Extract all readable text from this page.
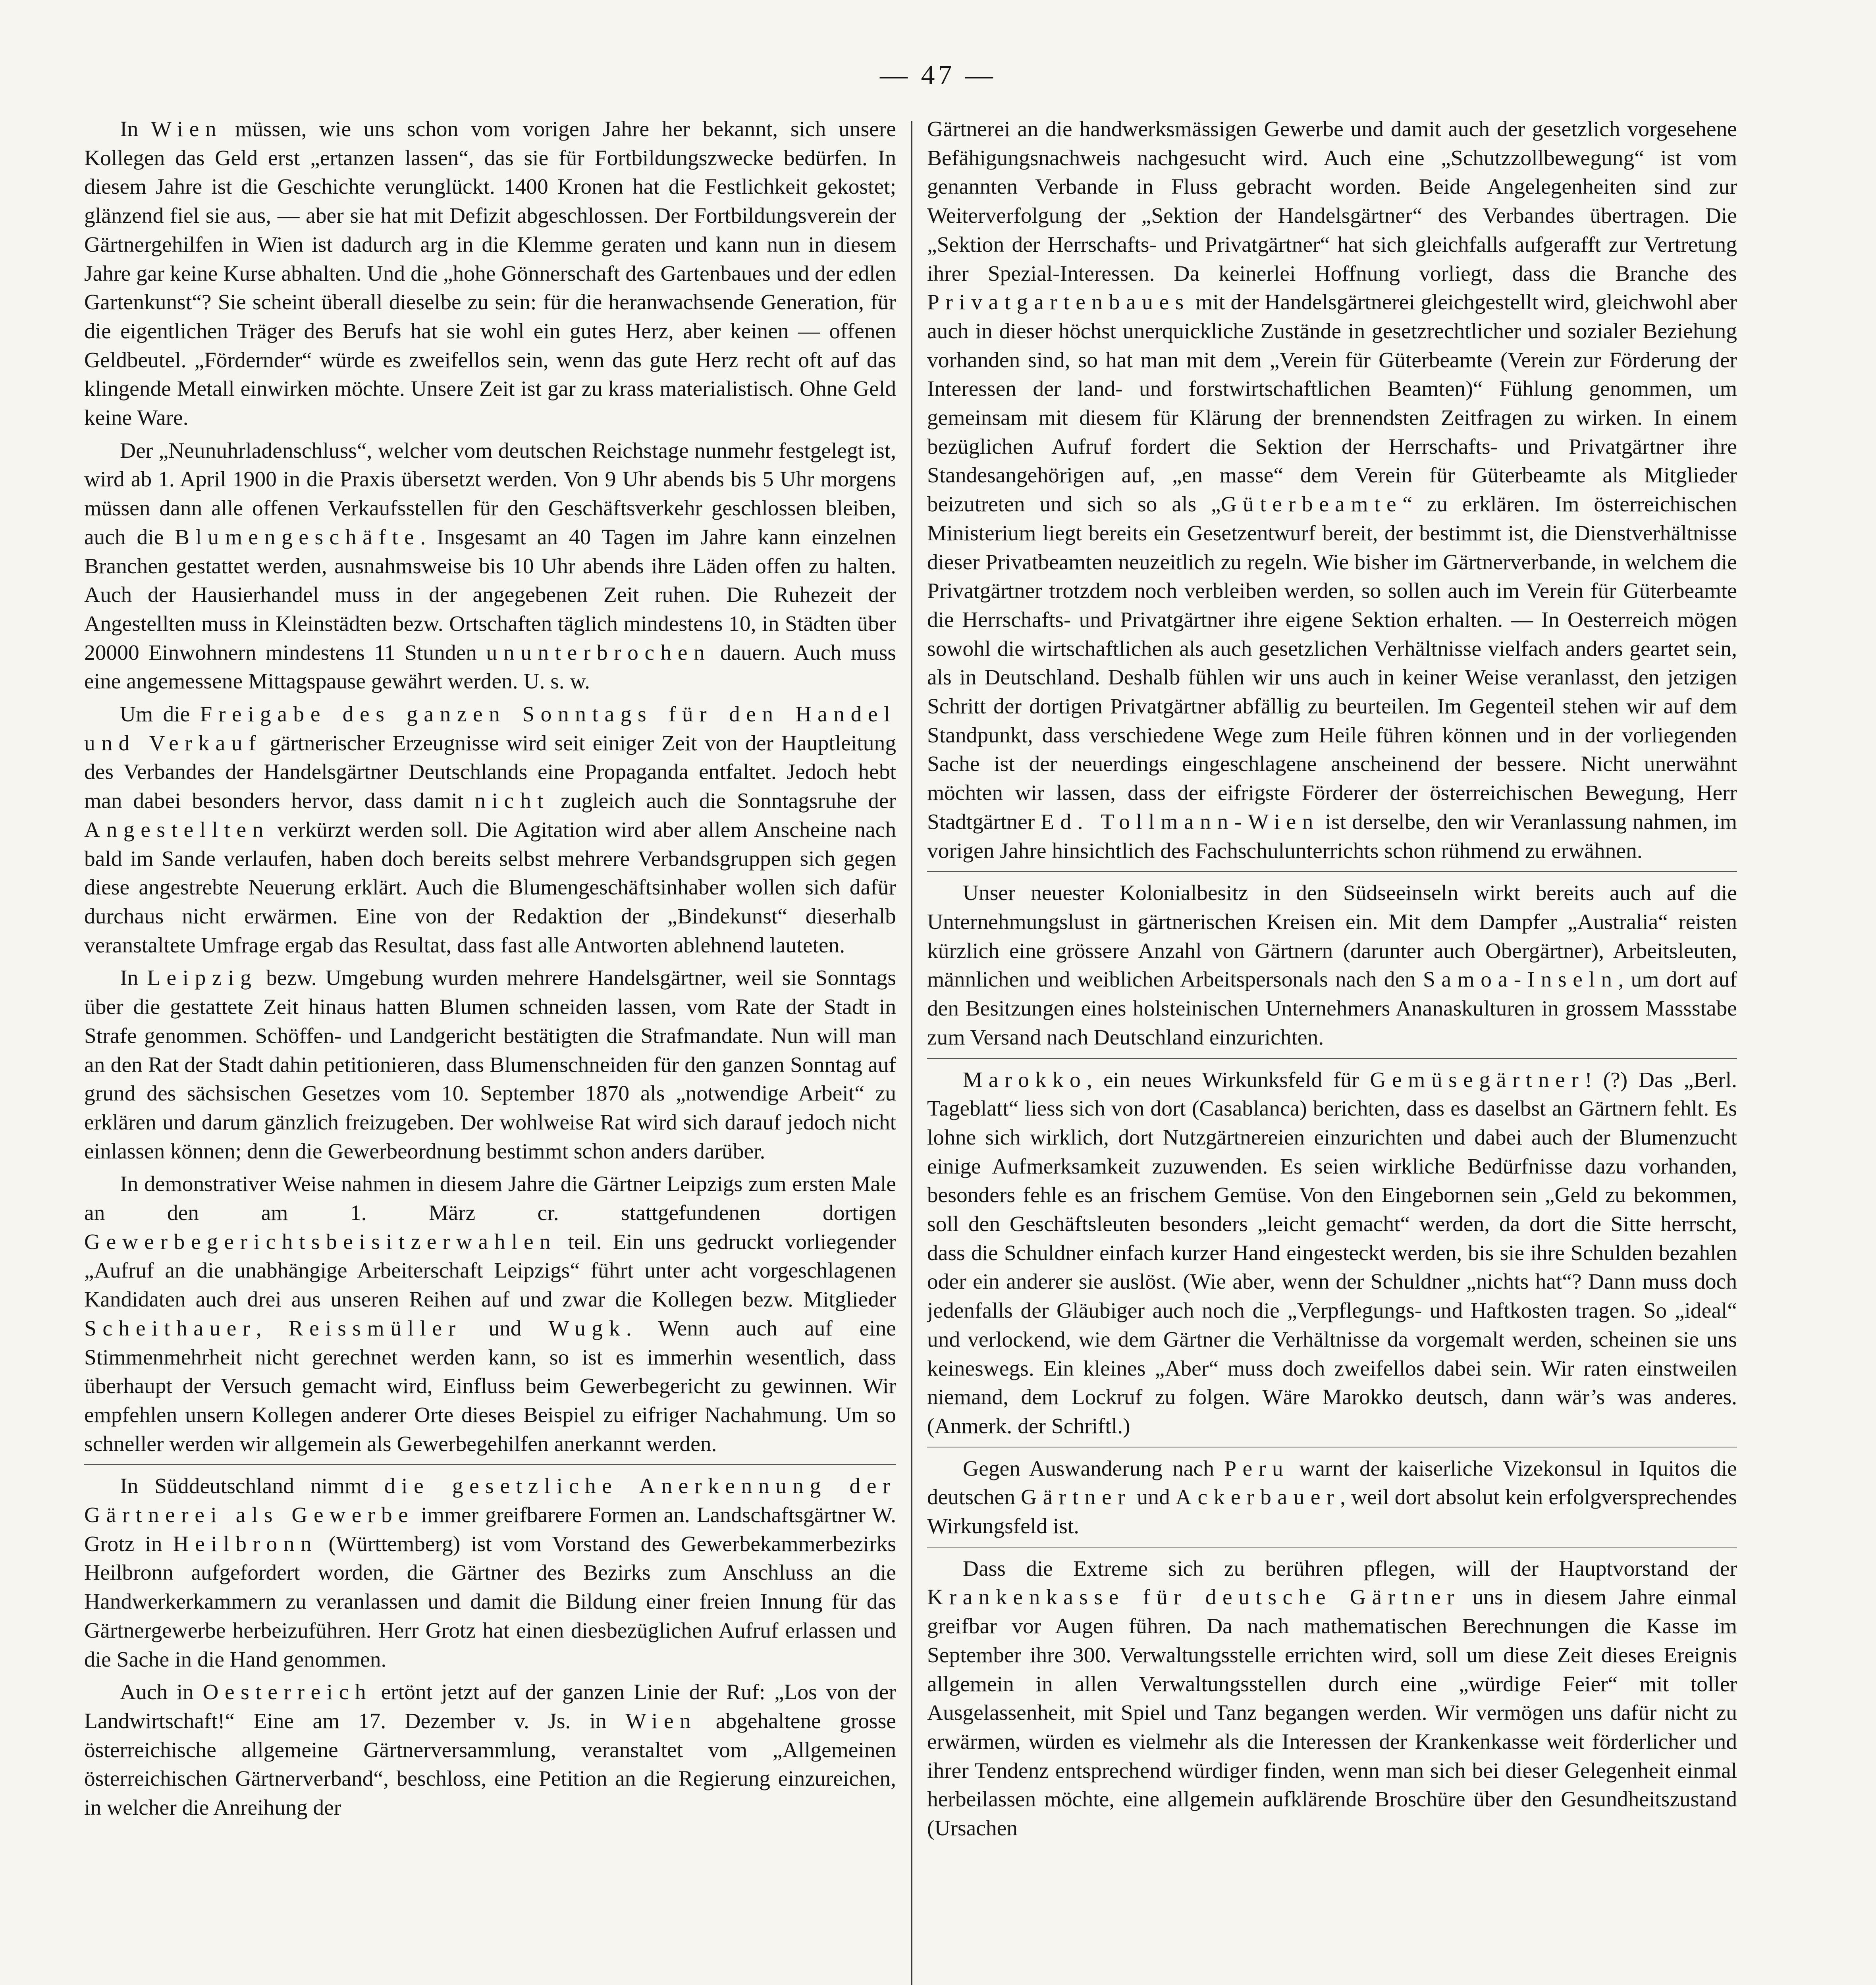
— 47 —

In Wien müssen, wie uns schon vom vorigen Jahre her bekannt, sich unsere Kollegen das Geld erst „ertanzen lassen“, das sie für Fortbildungszwecke bedürfen. In diesem Jahre ist die Geschichte verunglückt. 1400 Kronen hat die Festlichkeit gekostet; glänzend fiel sie aus, — aber sie hat mit Defizit abgeschlossen. Der Fortbildungsverein der Gärtnergehilfen in Wien ist dadurch arg in die Klemme geraten und kann nun in diesem Jahre gar keine Kurse abhalten. Und die „hohe Gönnerschaft des Gartenbaues und der edlen Gartenkunst“? Sie scheint überall dieselbe zu sein: für die heranwachsende Generation, für die eigentlichen Träger des Berufs hat sie wohl ein gutes Herz, aber keinen — offenen Geldbeutel. „Fördernder“ würde es zweifellos sein, wenn das gute Herz recht oft auf das klingende Metall einwirken möchte. Unsere Zeit ist gar zu krass materialistisch. Ohne Geld keine Ware.

Der „Neunuhrladenschluss“, welcher vom deutschen Reichstage nunmehr festgelegt ist, wird ab 1. April 1900 in die Praxis übersetzt werden. Von 9 Uhr abends bis 5 Uhr morgens müssen dann alle offenen Verkaufsstellen für den Geschäftsverkehr geschlossen bleiben, auch die Blumengeschäfte. Insgesamt an 40 Tagen im Jahre kann einzelnen Branchen gestattet werden, ausnahmsweise bis 10 Uhr abends ihre Läden offen zu halten. Auch der Hausierhandel muss in der angegebenen Zeit ruhen. Die Ruhezeit der Angestellten muss in Kleinstädten bezw. Ortschaften täglich mindestens 10, in Städten über 20000 Einwohnern mindestens 11 Stunden ununterbrochen dauern. Auch muss eine angemessene Mittagspause gewährt werden. U. s. w.

Um die Freigabe des ganzen Sonntags für den Handel und Verkauf gärtnerischer Erzeugnisse wird seit einiger Zeit von der Hauptleitung des Verbandes der Handelsgärtner Deutschlands eine Propaganda entfaltet. Jedoch hebt man dabei besonders hervor, dass damit nicht zugleich auch die Sonntagsruhe der Angestellten verkürzt werden soll. Die Agitation wird aber allem Anscheine nach bald im Sande verlaufen, haben doch bereits selbst mehrere Verbandsgruppen sich gegen diese angestrebte Neuerung erklärt. Auch die Blumengeschäftsinhaber wollen sich dafür durchaus nicht erwärmen. Eine von der Redaktion der „Bindekunst“ dieserhalb veranstaltete Umfrage ergab das Resultat, dass fast alle Antworten ablehnend lauteten.

In Leipzig bezw. Umgebung wurden mehrere Handelsgärtner, weil sie Sonntags über die gestattete Zeit hinaus hatten Blumen schneiden lassen, vom Rate der Stadt in Strafe genommen. Schöffen- und Landgericht bestätigten die Strafmandate. Nun will man an den Rat der Stadt dahin petitionieren, dass Blumenschneiden für den ganzen Sonntag auf grund des sächsischen Gesetzes vom 10. September 1870 als „notwendige Arbeit“ zu erklären und darum gänzlich freizugeben. Der wohlweise Rat wird sich darauf jedoch nicht einlassen können; denn die Gewerbeordnung bestimmt schon anders darüber.

In demonstrativer Weise nahmen in diesem Jahre die Gärtner Leipzigs zum ersten Male an den am 1. März cr. stattgefundenen dortigen Gewerbegerichtsbeisitzerwahlen teil. Ein uns gedruckt vorliegender „Aufruf an die unabhängige Arbeiterschaft Leipzigs“ führt unter acht vorgeschlagenen Kandidaten auch drei aus unseren Reihen auf und zwar die Kollegen bezw. Mitglieder Scheithauer, Reissmüller und Wugk. Wenn auch auf eine Stimmenmehrheit nicht gerechnet werden kann, so ist es immerhin wesentlich, dass überhaupt der Versuch gemacht wird, Einfluss beim Gewerbegericht zu gewinnen. Wir empfehlen unsern Kollegen anderer Orte dieses Beispiel zu eifriger Nachahmung. Um so schneller werden wir allgemein als Gewerbegehilfen anerkannt werden.

In Süddeutschland nimmt die gesetzliche Anerkennung der Gärtnerei als Gewerbe immer greifbarere Formen an. Landschaftsgärtner W. Grotz in Heilbronn (Württemberg) ist vom Vorstand des Gewerbekammerbezirks Heilbronn aufgefordert worden, die Gärtner des Bezirks zum Anschluss an die Handwerkerkammern zu veranlassen und damit die Bildung einer freien Innung für das Gärtnergewerbe herbeizuführen. Herr Grotz hat einen diesbezüglichen Aufruf erlassen und die Sache in die Hand genommen.

Auch in Oesterreich ertönt jetzt auf der ganzen Linie der Ruf: „Los von der Landwirtschaft!“ Eine am 17. Dezember v. Js. in Wien abgehaltene grosse österreichische allgemeine Gärtnerversammlung, veranstaltet vom „Allgemeinen österreichischen Gärtnerverband“, beschloss, eine Petition an die Regierung einzureichen, in welcher die Anreihung der

Gärtnerei an die handwerksmässigen Gewerbe und damit auch der gesetzlich vorgesehene Befähigungsnachweis nachgesucht wird. Auch eine „Schutzzollbewegung“ ist vom genannten Verbande in Fluss gebracht worden. Beide Angelegenheiten sind zur Weiterverfolgung der „Sektion der Handelsgärtner“ des Verbandes übertragen. Die „Sektion der Herrschafts- und Privatgärtner“ hat sich gleichfalls aufgerafft zur Vertretung ihrer Spezial-Interessen. Da keinerlei Hoffnung vorliegt, dass die Branche des Privatgartenbaues mit der Handelsgärtnerei gleichgestellt wird, gleichwohl aber auch in dieser höchst unerquickliche Zustände in gesetzrechtlicher und sozialer Beziehung vorhanden sind, so hat man mit dem „Verein für Güterbeamte (Verein zur Förderung der Interessen der land- und forstwirtschaftlichen Beamten)“ Fühlung genommen, um gemeinsam mit diesem für Klärung der brennendsten Zeitfragen zu wirken. In einem bezüglichen Aufruf fordert die Sektion der Herrschafts- und Privatgärtner ihre Standesangehörigen auf, „en masse“ dem Verein für Güterbeamte als Mitglieder beizutreten und sich so als „Güterbeamte“ zu erklären. Im österreichischen Ministerium liegt bereits ein Gesetzentwurf bereit, der bestimmt ist, die Dienstverhältnisse dieser Privatbeamten neuzeitlich zu regeln. Wie bisher im Gärtnerverbande, in welchem die Privatgärtner trotzdem noch verbleiben werden, so sollen auch im Verein für Güterbeamte die Herrschafts- und Privatgärtner ihre eigene Sektion erhalten. — In Oesterreich mögen sowohl die wirtschaftlichen als auch gesetzlichen Verhältnisse vielfach anders geartet sein, als in Deutschland. Deshalb fühlen wir uns auch in keiner Weise veranlasst, den jetzigen Schritt der dortigen Privatgärtner abfällig zu beurteilen. Im Gegenteil stehen wir auf dem Standpunkt, dass verschiedene Wege zum Heile führen können und in der vorliegenden Sache ist der neuerdings eingeschlagene anscheinend der bessere. Nicht unerwähnt möchten wir lassen, dass der eifrigste Förderer der österreichischen Bewegung, Herr Stadtgärtner Ed. Tollmann-Wien ist derselbe, den wir Veranlassung nahmen, im vorigen Jahre hinsichtlich des Fachschulunterrichts schon rühmend zu erwähnen.

Unser neuester Kolonialbesitz in den Südseeinseln wirkt bereits auch auf die Unternehmungslust in gärtnerischen Kreisen ein. Mit dem Dampfer „Australia“ reisten kürzlich eine grössere Anzahl von Gärtnern (darunter auch Obergärtner), Arbeitsleuten, männlichen und weiblichen Arbeitspersonals nach den Samoa-Inseln, um dort auf den Besitzungen eines holsteinischen Unternehmers Ananaskulturen in grossem Massstabe zum Versand nach Deutschland einzurichten.

Marokko, ein neues Wirkunksfeld für Gemüsegärtner! (?) Das „Berl. Tageblatt“ liess sich von dort (Casablanca) berichten, dass es daselbst an Gärtnern fehlt. Es lohne sich wirklich, dort Nutzgärtnereien einzurichten und dabei auch der Blumenzucht einige Aufmerksamkeit zuzuwenden. Es seien wirkliche Bedürfnisse dazu vorhanden, besonders fehle es an frischem Gemüse. Von den Eingebornen sein „Geld zu bekommen, soll den Geschäftsleuten besonders „leicht gemacht“ werden, da dort die Sitte herrscht, dass die Schuldner einfach kurzer Hand eingesteckt werden, bis sie ihre Schulden bezahlen oder ein anderer sie auslöst. (Wie aber, wenn der Schuldner „nichts hat“? Dann muss doch jedenfalls der Gläubiger auch noch die „Verpflegungs- und Haftkosten tragen. So „ideal“ und verlockend, wie dem Gärtner die Verhältnisse da vorgemalt werden, scheinen sie uns keineswegs. Ein kleines „Aber“ muss doch zweifellos dabei sein. Wir raten einstweilen niemand, dem Lockruf zu folgen. Wäre Marokko deutsch, dann wär’s was anderes. (Anmerk. der Schriftl.)

Gegen Auswanderung nach Peru warnt der kaiserliche Vizekonsul in Iquitos die deutschen Gärtner und Ackerbauer, weil dort absolut kein erfolgversprechendes Wirkungsfeld ist.

Dass die Extreme sich zu berühren pflegen, will der Hauptvorstand der Krankenkasse für deutsche Gärtner uns in diesem Jahre einmal greifbar vor Augen führen. Da nach mathematischen Berechnungen die Kasse im September ihre 300. Verwaltungsstelle errichten wird, soll um diese Zeit dieses Ereignis allgemein in allen Verwaltungsstellen durch eine „würdige Feier“ mit toller Ausgelassenheit, mit Spiel und Tanz begangen werden. Wir vermögen uns dafür nicht zu erwärmen, würden es vielmehr als die Interessen der Krankenkasse weit förderlicher und ihrer Tendenz entsprechend würdiger finden, wenn man sich bei dieser Gelegenheit einmal herbeilassen möchte, eine allgemein aufklärende Broschüre über den Gesundheitszustand (Ursachen
